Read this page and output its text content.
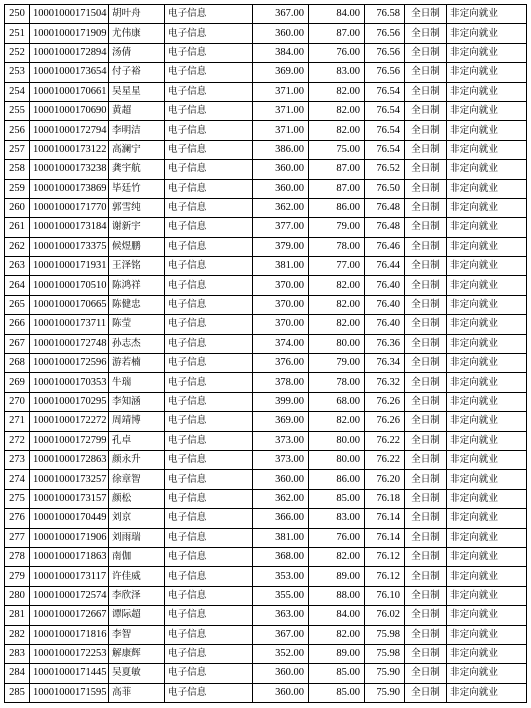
250	10001000171504	胡叶舟	电子信息	367.00	84.00	76.58	全日制	非定向就业
251	10001000171909	尤伟康	电子信息	360.00	87.00	76.56	全日制	非定向就业
252	10001000172894	汤倩	电子信息	384.00	76.00	76.56	全日制	非定向就业
253	10001000173654	付子裕	电子信息	369.00	83.00	76.56	全日制	非定向就业
254	10001000170661	吴星星	电子信息	371.00	82.00	76.54	全日制	非定向就业
255	10001000170690	黄超	电子信息	371.00	82.00	76.54	全日制	非定向就业
256	10001000172794	李明洁	电子信息	371.00	82.00	76.54	全日制	非定向就业
257	10001000173122	高澜宁	电子信息	386.00	75.00	76.54	全日制	非定向就业
258	10001000173238	龚宇航	电子信息	360.00	87.00	76.52	全日制	非定向就业
259	10001000173869	毕廷竹	电子信息	360.00	87.00	76.50	全日制	非定向就业
260	10001000171770	郭雪纯	电子信息	362.00	86.00	76.48	全日制	非定向就业
261	10001000173184	谢新宇	电子信息	377.00	79.00	76.48	全日制	非定向就业
262	10001000173375	候煜鹏	电子信息	379.00	78.00	76.46	全日制	非定向就业
263	10001000171931	王泽铭	电子信息	381.00	77.00	76.44	全日制	非定向就业
264	10001000170510	陈鸿祥	电子信息	370.00	82.00	76.40	全日制	非定向就业
265	10001000170665	陈健忠	电子信息	370.00	82.00	76.40	全日制	非定向就业
266	10001000173711	陈莹	电子信息	370.00	82.00	76.40	全日制	非定向就业
267	10001000172748	孙志杰	电子信息	374.00	80.00	76.36	全日制	非定向就业
268	10001000172596	游若楠	电子信息	376.00	79.00	76.34	全日制	非定向就业
269	10001000170353	牛瑞	电子信息	378.00	78.00	76.32	全日制	非定向就业
270	10001000170295	李知涵	电子信息	399.00	68.00	76.26	全日制	非定向就业
271	10001000172272	周靖博	电子信息	369.00	82.00	76.26	全日制	非定向就业
272	10001000172799	孔卓	电子信息	373.00	80.00	76.22	全日制	非定向就业
273	10001000172863	颜永升	电子信息	373.00	80.00	76.22	全日制	非定向就业
274	10001000173257	徐章智	电子信息	360.00	86.00	76.20	全日制	非定向就业
275	10001000173157	颜松	电子信息	362.00	85.00	76.18	全日制	非定向就业
276	10001000170449	刘京	电子信息	366.00	83.00	76.14	全日制	非定向就业
277	10001000171906	刘雨瑞	电子信息	381.00	76.00	76.14	全日制	非定向就业
278	10001000171863	南伽	电子信息	368.00	82.00	76.12	全日制	非定向就业
279	10001000173117	许佳威	电子信息	353.00	89.00	76.12	全日制	非定向就业
280	10001000172574	李欣泽	电子信息	355.00	88.00	76.10	全日制	非定向就业
281	10001000172667	谭际超	电子信息	363.00	84.00	76.02	全日制	非定向就业
282	10001000171816	李智	电子信息	367.00	82.00	75.98	全日制	非定向就业
283	10001000172253	解康辉	电子信息	352.00	89.00	75.98	全日制	非定向就业
284	10001000171445	吴夏敏	电子信息	360.00	85.00	75.90	全日制	非定向就业
285	10001000171595	高菲	电子信息	360.00	85.00	75.90	全日制	非定向就业
